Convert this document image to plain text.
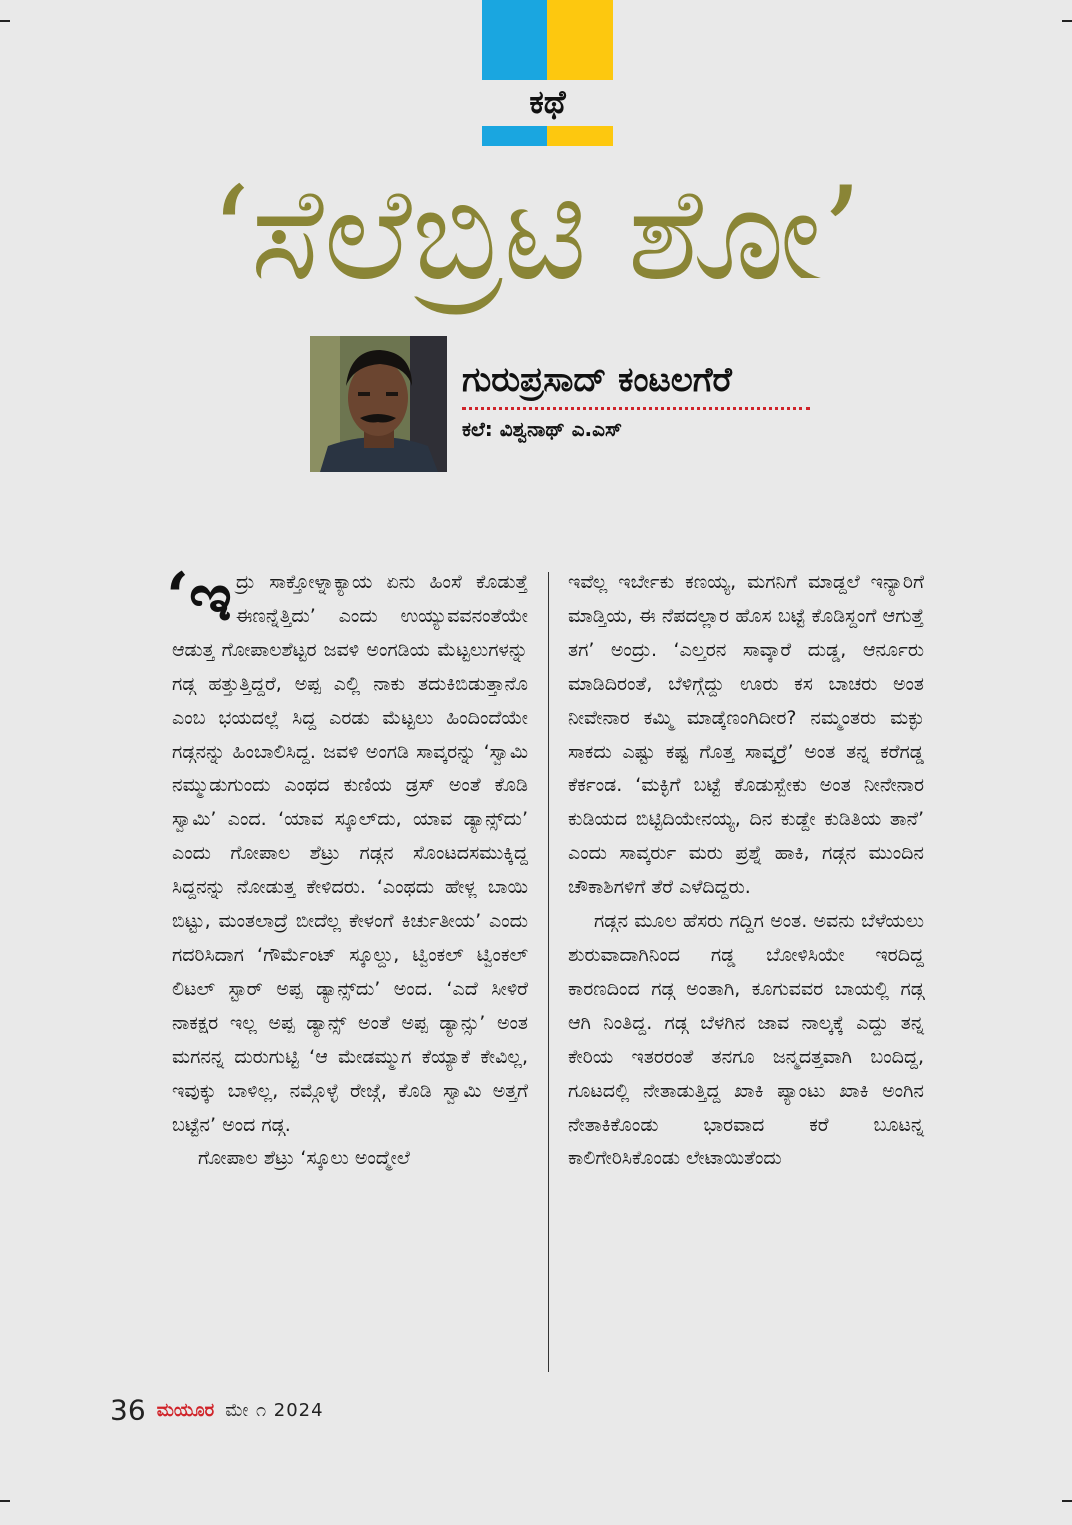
ಕಥೆ
‘ಸೆಲೆಬ್ರಿಟಿ ಶೋ’
ಗುರುಪ್ರಸಾದ್ ಕಂಟಲಗೆರೆ
ಕಲೆ: ವಿಶ್ವನಾಥ್ ಎ.ಎಸ್

‘ಇದ್ರು ಸಾಕ್ತೋಳ್ನಾಕ್ಯಾಯ ಏನು ಹಿಂಸೆ ಕೊಡುತ್ತೆ ಈಣನ್ನೆತ್ತಿದು’ ಎಂದು ಉಯ್ಯುವವನಂತೆಯೇ ಆಡುತ್ತ ಗೋಪಾಲಶೆಟ್ಟರ ಜವಳಿ ಅಂಗಡಿಯ ಮೆಟ್ಟಲುಗಳನ್ನು ಗಡ್ಗ ಹತ್ತುತ್ತಿದ್ದರೆ, ಅಪ್ಪ ಎಲ್ಲಿ ನಾಕು ತದುಕಿಬಿಡುತ್ತಾನೊ ಎಂಬ ಭಯದಲ್ಲೆ ಸಿದ್ದ ಎರಡು ಮೆಟ್ಟಲು ಹಿಂದಿಂದೆಯೇ ಗಡ್ಗನನ್ನು ಹಿಂಬಾಲಿಸಿದ್ದ. ಜವಳಿ ಅಂಗಡಿ ಸಾವ್ಕರನ್ನು ‘ಸ್ವಾಮಿ ನಮ್ಮುಡುಗುಂದು ಎಂಥದ ಕುಣಿಯ ಡ್ರಸ್ ಅಂತೆ ಕೊಡಿ ಸ್ವಾಮಿ’ ಎಂದ. ‘ಯಾವ ಸ್ಕೂಲ್‌ದು, ಯಾವ ಡ್ಯಾನ್ಸ್‌ದು’ ಎಂದು ಗೋಪಾಲ ಶೆಟ್ರು ಗಡ್ಗನ ಸೊಂಟದಸಮುಕ್ಕಿದ್ದ ಸಿದ್ದನನ್ನು ನೋಡುತ್ತ ಕೇಳಿದರು. ‘ಎಂಥದು ಹೇಳ್ಲ ಬಾಯಿ ಬಿಟ್ಟು, ಮಂತಲಾದ್ರೆ ಬೀದೆಲ್ಲ ಕೇಳಂಗೆ ಕಿರ್ಚುತೀಯ’ ಎಂದು ಗದರಿಸಿದಾಗ ‘ಗೌರ್ಮೆಂಟ್ ಸ್ಕೂಲ್ದು, ಟ್ವಿಂಕಲ್ ಟ್ವಿಂಕಲ್ ಲಿಟಲ್ ಸ್ಟಾರ್ ಅಪ್ಪ ಡ್ಯಾನ್ಸ್‌ದು’ ಅಂದ. ‘ಎದೆ ಸೀಳಿರೆ ನಾಕಕ್ಷರ ಇಲ್ಲ ಅಪ್ಪ ಡ್ಯಾನ್ಸ್ ಅಂತೆ ಅಪ್ಪ ಡ್ಯಾನ್ಸು’ ಅಂತ ಮಗನನ್ನ ದುರುಗುಟ್ಟಿ ‘ಆ ಮೇಡಮ್ಮುಗ ಕೆಯ್ಯಾಕೆ ಕೇವಿಲ್ಲ, ಇವುಕ್ಕು ಬಾಳಿಲ್ಲ, ನಮ್ಗೊಳ್ಳೆ ರೇಜ್ಗೆ, ಕೊಡಿ ಸ್ವಾಮಿ ಅತ್ತಗೆ ಬಟ್ಟೆನ’ ಅಂದ ಗಡ್ಗ.

ಗೋಪಾಲ ಶೆಟ್ರು ‘ಸ್ಕೂಲು ಅಂದ್ಮೇಲೆ

ಇವೆಲ್ಲ ಇರ್ಬೇಕು ಕಣಯ್ಯ, ಮಗನಿಗೆ ಮಾಡ್ದಲೆ ಇನ್ಯಾರಿಗೆ ಮಾಡ್ತಿಯ, ಈ ನೆಪದಲ್ಲಾರ ಹೊಸ ಬಟ್ಟೆ ಕೊಡಿಸ್ದಂಗೆ ಆಗುತ್ತೆ ತಗ’ ಅಂದ್ರು. ‘ಎಲ್ತರನ ಸಾವ್ಕಾರೆ ದುಡ್ಡ, ಆರ್ನೂರು ಮಾಡಿದಿರಂತೆ, ಬೆಳಿಗ್ಗೆದ್ದು ಊರು ಕಸ ಬಾಚರು ಅಂತ ನೀವೇನಾರ ಕಮ್ಮಿ ಮಾಡ್ಕೆಣಂಗಿದೀರ? ನಮ್ಮಂತರು ಮಕ್ಳು ಸಾಕದು ಎಷ್ಟು ಕಷ್ಟ ಗೊತ್ತ ಸಾವ್ಕರ್ರೆ’ ಅಂತ ತನ್ನ ಕರೆಗಡ್ಡ ಕೆರ್ಕಂಡ. ‘ಮಕ್ಳಿಗೆ ಬಟ್ಟೆ ಕೊಡುಸ್ಬೇಕು ಅಂತ ನೀನೇನಾರ ಕುಡಿಯದ ಬಿಟ್ಟಿದಿಯೇನಯ್ಯ, ದಿನ ಕುಡ್ದೇ ಕುಡಿತಿಯ ತಾನೆ’ ಎಂದು ಸಾವ್ಕರ್ರು ಮರು ಪ್ರಶ್ನೆ ಹಾಕಿ, ಗಡ್ಗನ ಮುಂದಿನ ಚೌಕಾಶಿಗಳಿಗೆ ತೆರೆ ಎಳೆದಿದ್ದರು.

ಗಡ್ಗನ ಮೂಲ ಹೆಸರು ಗದ್ದಿಗ ಅಂತ. ಅವನು ಬೆಳೆಯಲು ಶುರುವಾದಾಗಿನಿಂದ ಗಡ್ಡ ಬೋಳಿಸಿಯೇ ಇರದಿದ್ದ ಕಾರಣದಿಂದ ಗಡ್ಗ ಅಂತಾಗಿ, ಕೂಗುವವರ ಬಾಯಲ್ಲಿ ಗಡ್ಗ ಆಗಿ ನಿಂತಿದ್ದ. ಗಡ್ಗ ಬೆಳಗಿನ ಜಾವ ನಾಲ್ಕಕ್ಕೆ ಎದ್ದು ತನ್ನ ಕೇರಿಯ ಇತರರಂತೆ ತನಗೂ ಜನ್ಮದತ್ತವಾಗಿ ಬಂದಿದ್ದ, ಗೂಟದಲ್ಲಿ ನೇತಾಡುತ್ತಿದ್ದ ಖಾಕಿ ಪ್ಯಾಂಟು ಖಾಕಿ ಅಂಗಿನ ನೇತಾಕಿಕೊಂಡು ಭಾರವಾದ ಕರೆ ಬೂಟನ್ನ ಕಾಲಿಗೇರಿಸಿಕೊಂಡು ಲೇಟಾಯಿತೆಂದು

36 ಮಯೂರ ಮೇ ೧ 2024
